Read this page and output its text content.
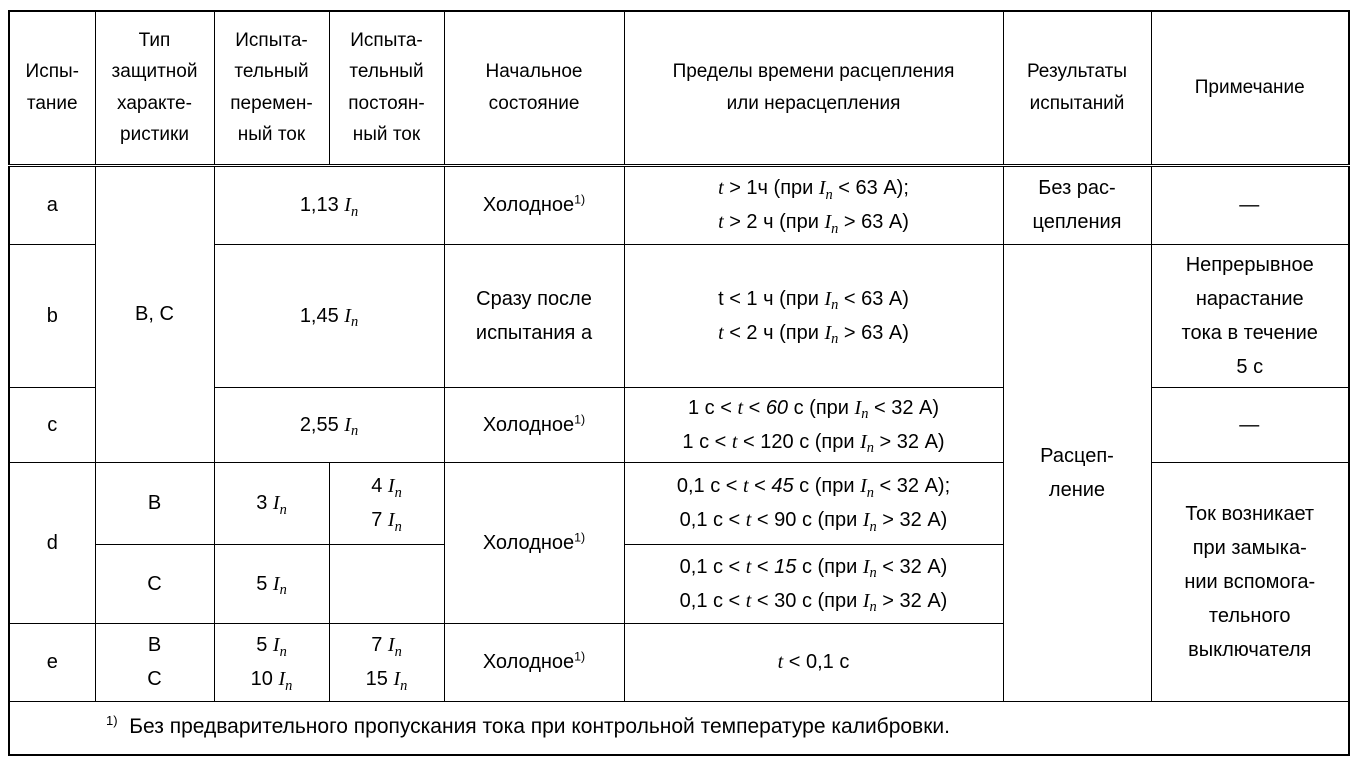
Испы-
тание	Тип
защитной
характе-
ристики	Испыта-
тельный
перемен-
ный ток	Испыта-
тельный
постоян-
ный ток	Начальное
состояние	Пределы времени расцепления
или нерасцепления	Результаты
испытаний	Примечание
a	В, С	1,13 $I_n$		Холодное$^{1)}$	t > 1ч (при $I_n < 63$ А);
t > 2 ч (при $I_n > 63$ А)	Без рас-
цепления	—
b		1,45 $I_n$		Сразу после
испытания а	t < 1 ч (при $I_n < 63$ А)
t < 2 ч (при $I_n > 63$ А)	Расцеп-
ление	Непрерывное
нарастание
тока в течение
5 с
c		2,55 $I_n$		Холодное$^{1)}$	1 с < t < 60 с (при $I_n < 32$ А)
1 с < t < 120 с (при $I_n > 32$ А)		—
d	В	3 $I_n$	4 $I_n$
7 $I_n$	Холодное$^{1)}$	0,1 с < t < 45 с (при $I_n < 32$ А);
0,1 с < t < 90 с (при $I_n > 32$ А)		Ток возникает
при замыка-
нии вспомога-
тельного
выключателя
	С	5 $I_n$			0,1 с < t < 15 с (при $I_n < 32$ А)
0,1 с < t < 30 с (при $I_n > 32$ А)		
e	В
С	5 $I_n$
10 $I_n$	7 $I_n$
15 $I_n$	Холодное$^{1)}$	t < 0,1 с		
$^{1)}$  Без предварительного пропускания тока при контрольной температуре калибровки.							
